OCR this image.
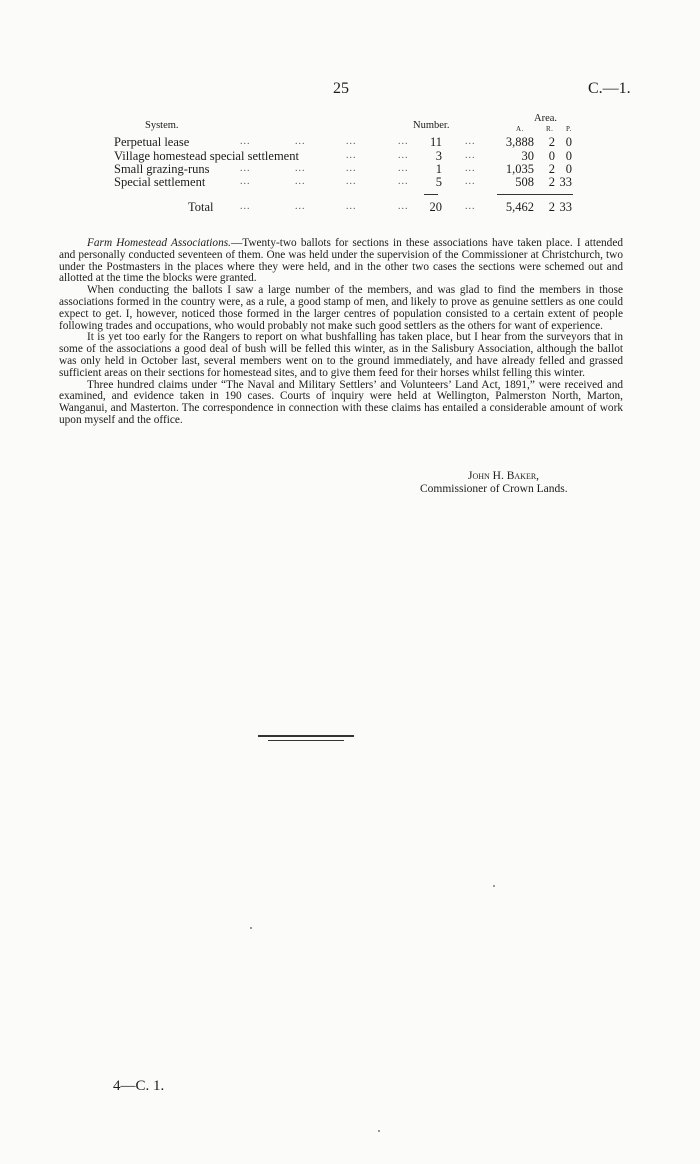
25	C.—1.
System.	Number.
Area.
A.	R. P.
Perpetual lease	...	...	...	... 11 ... 3,888 2 0
Village homestead special settlement	...	... 3 ...	30 0 0
Small grazing-runs	...	...	...	... 1 ... 1,035 2 0
Special settlement	...	...	...	... 5 ...	508 2 33
Total	...	...	...	... 20 ... 5,462 2 33

Farm Homestead Associations.—Twenty-two ballots for sections in these associations have taken place. I attended and personally conducted seventeen of them. One was held under the supervision of the Commissioner at Christchurch, two under the Postmasters in the places where they were held, and in the other two cases the sections were schemed out and allotted at the time the blocks were granted.

When conducting the ballots I saw a large number of the members, and was glad to find the members in those associations formed in the country were, as a rule, a good stamp of men, and likely to prove as genuine settlers as one could expect to get. I, however, noticed those formed in the larger centres of population consisted to a certain extent of people following trades and occupations, who would probably not make such good settlers as the others for want of experience.

It is yet too early for the Rangers to report on what bushfalling has taken place, but I hear from the surveyors that in some of the associations a good deal of bush will be felled this winter, as in the Salisbury Association, although the ballot was only held in October last, several members went on to the ground immediately, and have already felled and grassed sufficient areas on their sections for homestead sites, and to give them feed for their horses whilst felling this winter.

Three hundred claims under “The Naval and Military Settlers’ and Volunteers’ Land Act, 1891,” were received and examined, and evidence taken in 190 cases. Courts of inquiry were held at Wellington, Palmerston North, Marton, Wanganui, and Masterton. The correspondence in connection with these claims has entailed a considerable amount of work upon myself and the office.

John H. Baker,
Commissioner of Crown Lands.
4—C. 1.
